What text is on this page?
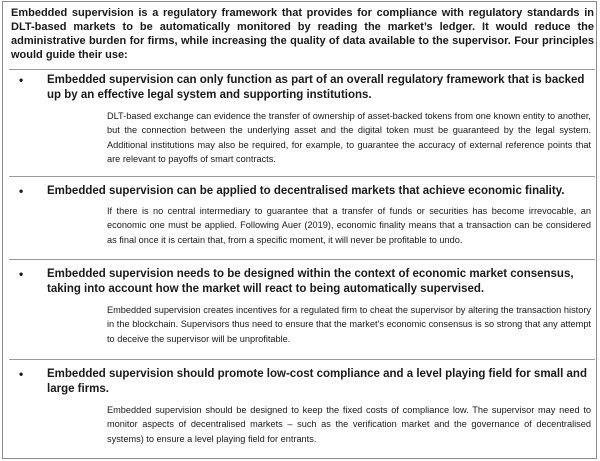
Embedded supervision is a regulatory framework that provides for compliance with regulatory standards in DLT-based markets to be automatically monitored by reading the market’s ledger. It would reduce the administrative burden for firms, while increasing the quality of data available to the supervisor. Four principles would guide their use:
• Embedded supervision can only function as part of an overall regulatory framework that is backed up by an effective legal system and supporting institutions.
DLT-based exchange can evidence the transfer of ownership of asset-backed tokens from one known entity to another, but the connection between the underlying asset and the digital token must be guaranteed by the legal system. Additional institutions may also be required, for example, to guarantee the accuracy of external reference points that are relevant to payoffs of smart contracts.
• Embedded supervision can be applied to decentralised markets that achieve economic finality.
If there is no central intermediary to guarantee that a transfer of funds or securities has become irrevocable, an economic one must be applied. Following Auer (2019), economic finality means that a transaction can be considered as final once it is certain that, from a specific moment, it will never be profitable to undo.
• Embedded supervision needs to be designed within the context of economic market consensus, taking into account how the market will react to being automatically supervised.
Embedded supervision creates incentives for a regulated firm to cheat the supervisor by altering the transaction history in the blockchain. Supervisors thus need to ensure that the market’s economic consensus is so strong that any attempt to deceive the supervisor will be unprofitable.
• Embedded supervision should promote low-cost compliance and a level playing field for small and large firms.
Embedded supervision should be designed to keep the fixed costs of compliance low. The supervisor may need to monitor aspects of decentralised markets – such as the verification market and the governance of decentralised systems) to ensure a level playing field for entrants.
